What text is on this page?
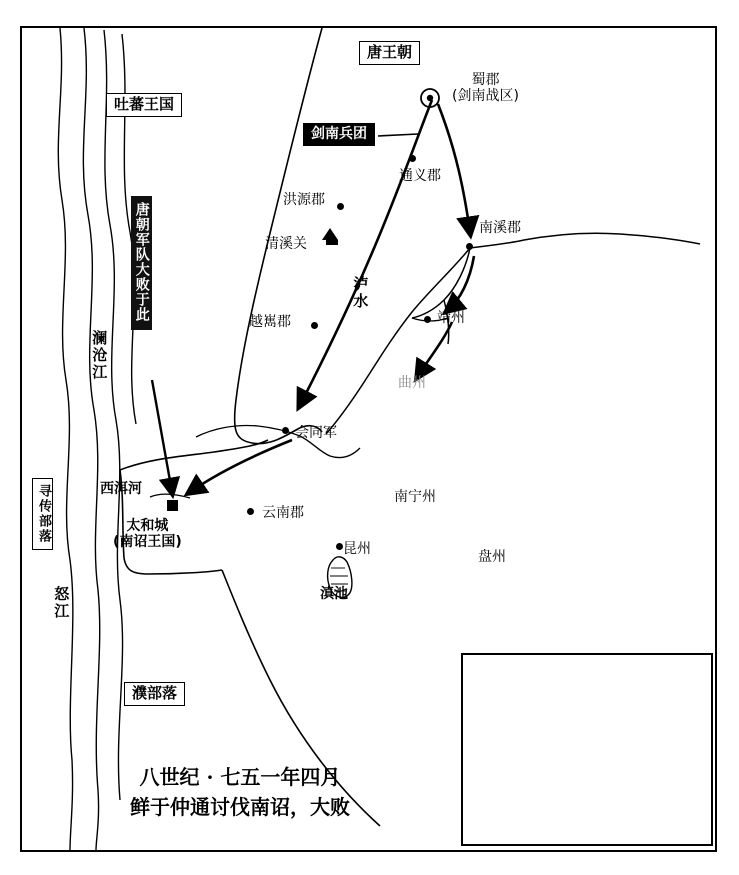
唐王朝
吐蕃王国
濮部落
剑南兵团
寻传部落
唐朝军队大败于此
蜀郡
(剑南战区)
通义郡
洪源郡
清溪关
南溪郡
越嶲郡	靖州
曲州
会同军
西洱河
太和城
(南诏王国)
云南郡
南宁州
昆州	盘州
滇池
澜沧江
怒江
泸水
八世纪 · 七五一年四月
鲜于仲通讨伐南诏，大败
